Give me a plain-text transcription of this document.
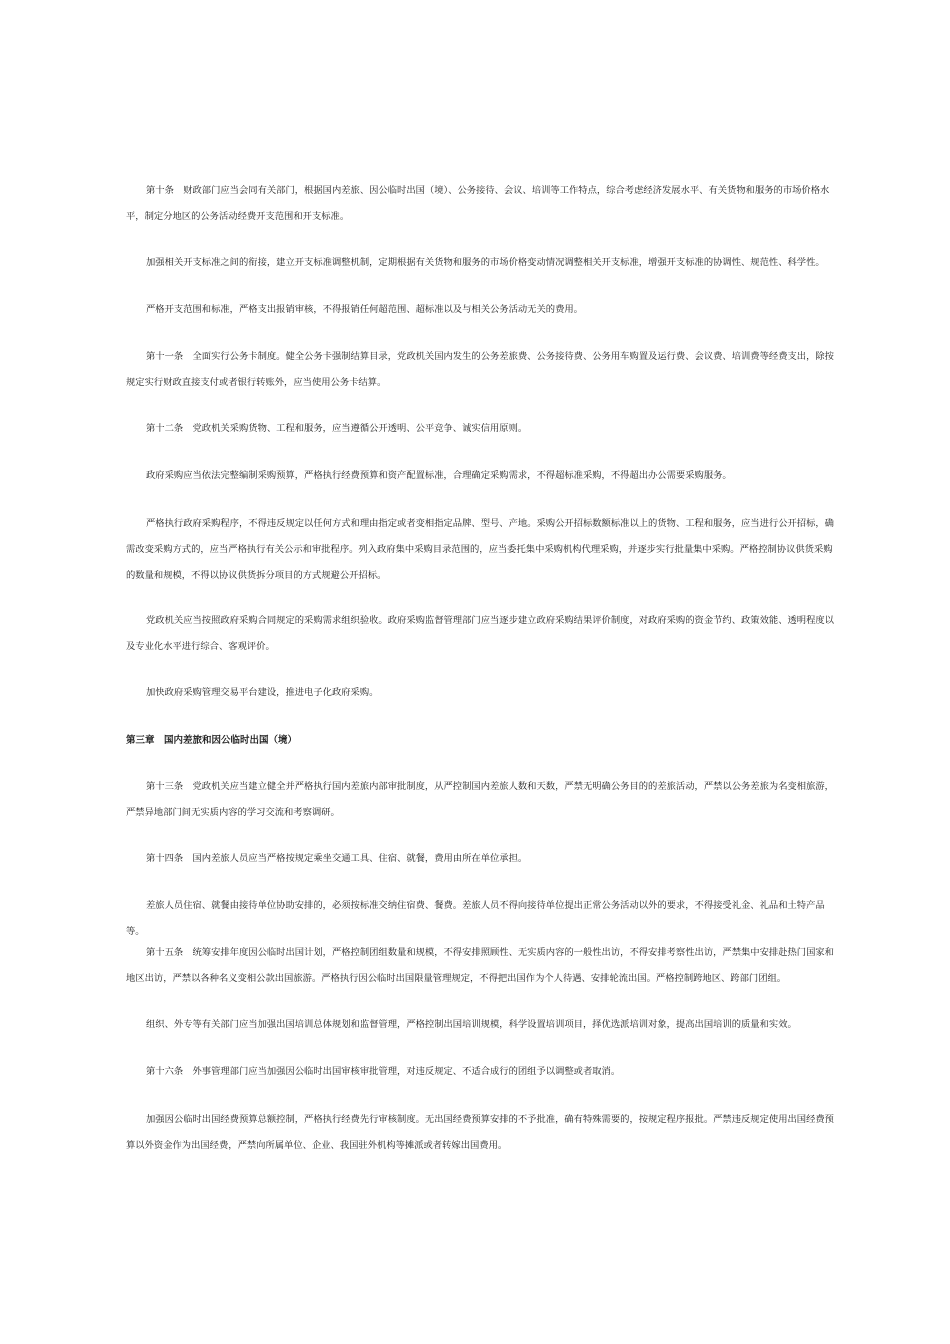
第十条　财政部门应当会同有关部门，根据国内差旅、因公临时出国（境）、公务接待、会议、培训等工作特点，综合考虑经济发展水平、有关货物和服务的市场价格水平，制定分地区的公务活动经费开支范围和开支标准。

加强相关开支标准之间的衔接，建立开支标准调整机制，定期根据有关货物和服务的市场价格变动情况调整相关开支标准，增强开支标准的协调性、规范性、科学性。

严格开支范围和标准，严格支出报销审核，不得报销任何超范围、超标准以及与相关公务活动无关的费用。

第十一条　全面实行公务卡制度。健全公务卡强制结算目录，党政机关国内发生的公务差旅费、公务接待费、公务用车购置及运行费、会议费、培训费等经费支出，除按规定实行财政直接支付或者银行转账外，应当使用公务卡结算。

第十二条　党政机关采购货物、工程和服务，应当遵循公开透明、公平竞争、诚实信用原则。

政府采购应当依法完整编制采购预算，严格执行经费预算和资产配置标准，合理确定采购需求，不得超标准采购，不得超出办公需要采购服务。

严格执行政府采购程序，不得违反规定以任何方式和理由指定或者变相指定品牌、型号、产地。采购公开招标数额标准以上的货物、工程和服务，应当进行公开招标，确需改变采购方式的，应当严格执行有关公示和审批程序。列入政府集中采购目录范围的，应当委托集中采购机构代理采购，并逐步实行批量集中采购。严格控制协议供货采购的数量和规模，不得以协议供货拆分项目的方式规避公开招标。

党政机关应当按照政府采购合同规定的采购需求组织验收。政府采购监督管理部门应当逐步建立政府采购结果评价制度，对政府采购的资金节约、政策效能、透明程度以及专业化水平进行综合、客观评价。

加快政府采购管理交易平台建设，推进电子化政府采购。

第三章　国内差旅和因公临时出国（境）

第十三条　党政机关应当建立健全并严格执行国内差旅内部审批制度，从严控制国内差旅人数和天数，严禁无明确公务目的的差旅活动，严禁以公务差旅为名变相旅游，严禁异地部门间无实质内容的学习交流和考察调研。

第十四条　国内差旅人员应当严格按规定乘坐交通工具、住宿、就餐，费用由所在单位承担。

差旅人员住宿、就餐由接待单位协助安排的，必须按标准交纳住宿费、餐费。差旅人员不得向接待单位提出正常公务活动以外的要求，不得接受礼金、礼品和土特产品等。

第十五条　统筹安排年度因公临时出国计划，严格控制团组数量和规模，不得安排照顾性、无实质内容的一般性出访，不得安排考察性出访，严禁集中安排赴热门国家和地区出访，严禁以各种名义变相公款出国旅游。严格执行因公临时出国限量管理规定，不得把出国作为个人待遇、安排轮流出国。严格控制跨地区、跨部门团组。

组织、外专等有关部门应当加强出国培训总体规划和监督管理，严格控制出国培训规模，科学设置培训项目，择优选派培训对象，提高出国培训的质量和实效。

第十六条　外事管理部门应当加强因公临时出国审核审批管理，对违反规定、不适合成行的团组予以调整或者取消。

加强因公临时出国经费预算总额控制，严格执行经费先行审核制度。无出国经费预算安排的不予批准，确有特殊需要的，按规定程序报批。严禁违反规定使用出国经费预算以外资金作为出国经费，严禁向所属单位、企业、我国驻外机构等摊派或者转嫁出国费用。
